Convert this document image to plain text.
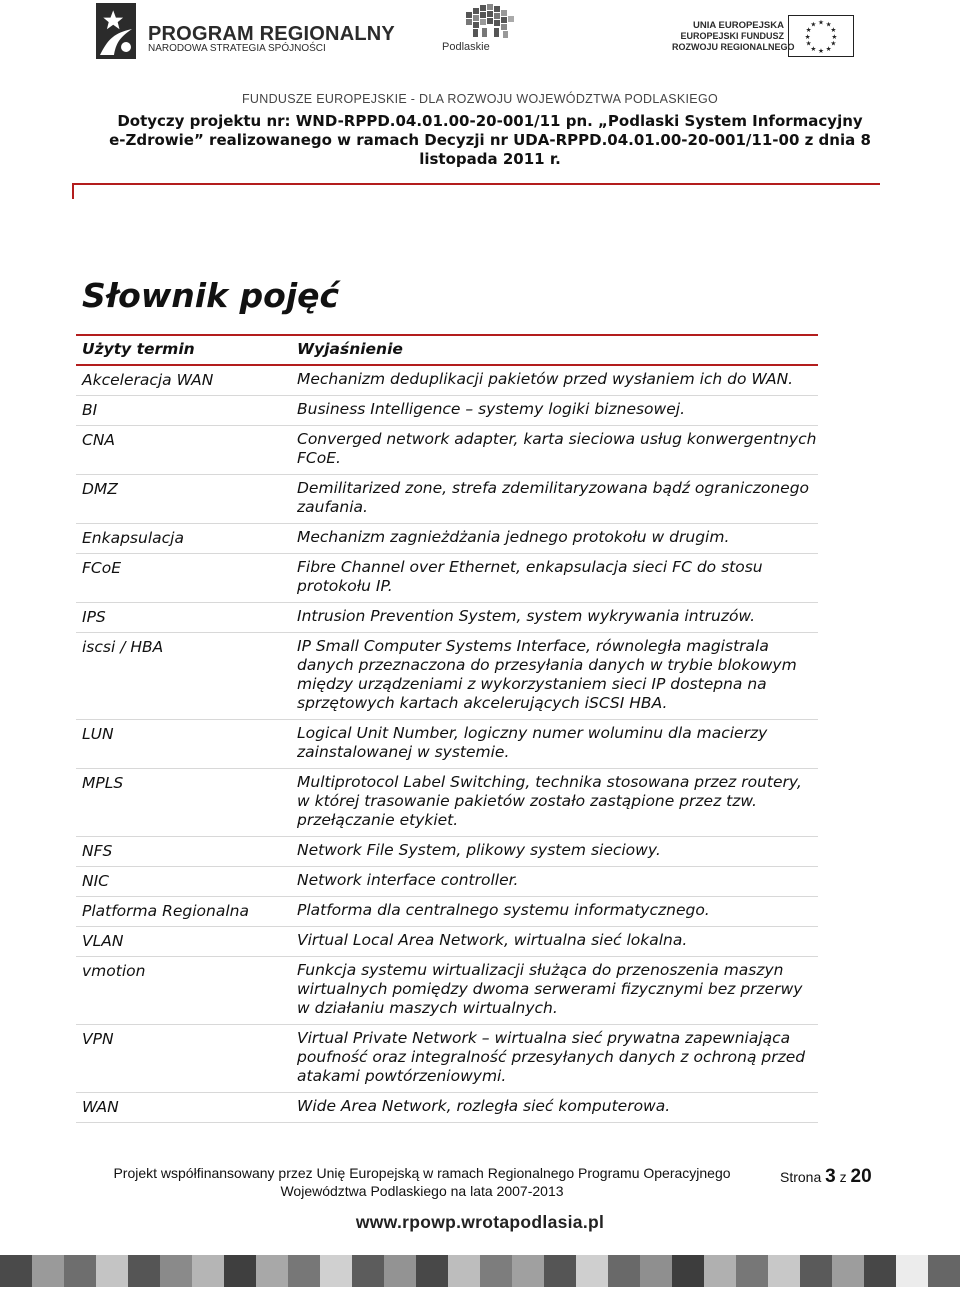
PROGRAM REGIONALNY
NARODOWA STRATEGIA SPÓJNOŚCI	Podlaskie
UNIA EUROPEJSKA
EUROPEJSKI FUNDUSZ
ROZWOJU REGIONALNEGO
★ ★
★
★
★
★
★
★
★
★
★
★
FUNDUSZE EUROPEJSKIE - DLA ROZWOJU WOJEWÓDZTWA PODLASKIEGO
Dotyczy projektu nr: WND-RPPD.04.01.00-20-001/11 pn. „Podlaski System Informacyjny
e-Zdrowie” realizowanego w ramach Decyzji nr UDA-RPPD.04.01.00-20-001/11-00 z dnia 8
listopada 2011 r.
Słownik pojęć
Użyty termin	Wyjaśnienie
Akceleracja WAN	Mechanizm deduplikacji pakietów przed wysłaniem ich do WAN.
BI	Business Intelligence – systemy logiki biznesowej.
CNA	Converged network adapter, karta sieciowa usług konwergentnych FCoE.
DMZ	Demilitarized zone, strefa zdemilitaryzowana bądź ograniczonego zaufania.
Enkapsulacja	Mechanizm zagnieżdżania jednego protokołu w drugim.
FCoE	Fibre Channel over Ethernet, enkapsulacja sieci FC do stosu protokołu IP.
IPS	Intrusion Prevention System, system wykrywania intruzów.
iscsi / HBA	IP Small Computer Systems Interface, równoległa magistrala danych przeznaczona do przesyłania danych w trybie blokowym między urządzeniami z wykorzystaniem sieci IP dostepna na sprzętowych kartach akcelerujących iSCSI HBA.
LUN	Logical Unit Number, logiczny numer woluminu dla macierzy zainstalowanej w systemie.
MPLS	Multiprotocol Label Switching, technika stosowana przez routery, w której trasowanie pakietów zostało zastąpione przez tzw. przełączanie etykiet.
NFS	Network File System, plikowy system sieciowy.
NIC	Network interface controller.
Platforma Regionalna	Platforma dla centralnego systemu informatycznego.
VLAN	Virtual Local Area Network, wirtualna sieć lokalna.
vmotion	Funkcja systemu wirtualizacji służąca do przenoszenia maszyn wirtualnych pomiędzy dwoma serwerami fizycznymi bez przerwy w działaniu maszych wirtualnych.
VPN	Virtual Private Network – wirtualna sieć prywatna zapewniająca poufność oraz integralność przesyłanych danych z ochroną przed atakami powtórzeniowymi.
WAN	Wide Area Network, rozległa sieć komputerowa.
Projekt współfinansowany przez Unię Europejską w ramach Regionalnego Programu Operacyjnego
Województwa Podlaskiego na lata 2007-2013
Strona 3 z 20
www.rpowp.wrotapodlasia.pl
